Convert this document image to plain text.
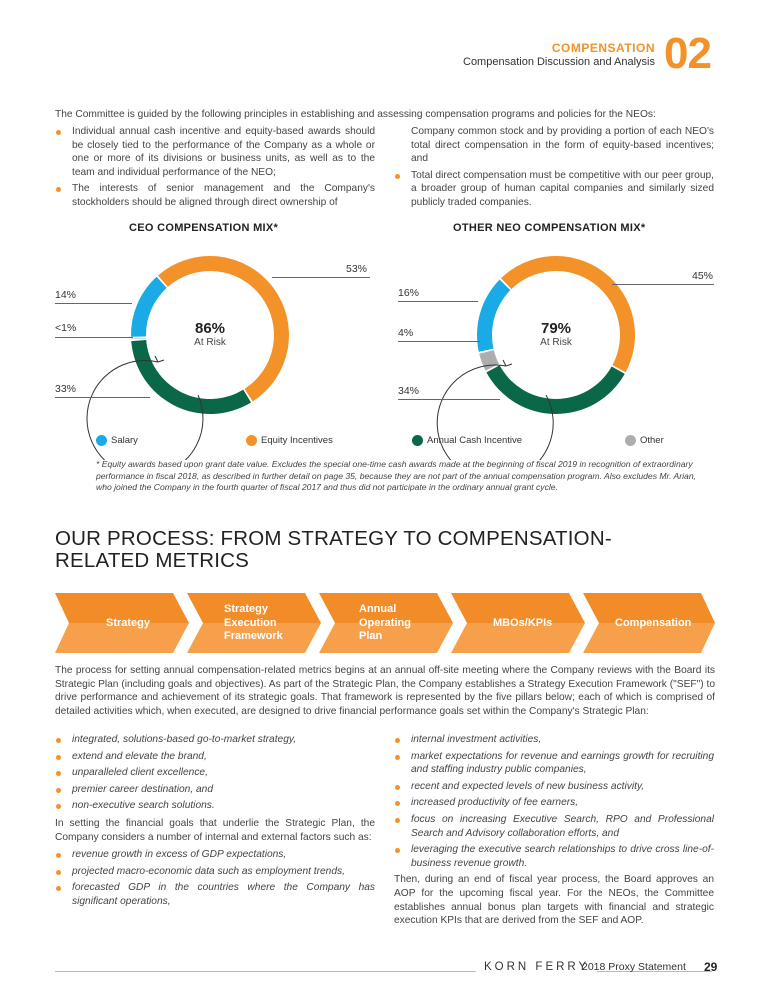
COMPENSATION
Compensation Discussion and Analysis 02
The Committee is guided by the following principles in establishing and assessing compensation programs and policies for the NEOs:
Individual annual cash incentive and equity-based awards should be closely tied to the performance of the Company as a whole or one or more of its divisions or business units, as well as to the team and individual performance of the NEO;
The interests of senior management and the Company's stockholders should be aligned through direct ownership of
Company common stock and by providing a portion of each NEO's total direct compensation in the form of equity-based incentives; and
Total direct compensation must be competitive with our peer group, a broader group of human capital companies and similarly sized publicly traded companies.
CEO COMPENSATION MIX*	OTHER NEO COMPENSATION MIX*
53%
14%
<1%
33%
86%
At Risk
45%
16%
4%
34%
79%
At Risk
Salary	Equity Incentives	Annual Cash Incentive	Other
* Equity awards based upon grant date value. Excludes the special one-time cash awards made at the beginning of fiscal 2019 in recognition of extraordinary performance in fiscal 2018, as described in further detail on page 35, because they are not part of the annual compensation program. Also excludes Mr. Arian, who joined the Company in the fourth quarter of fiscal 2017 and thus did not participate in the ordinary annual grant cycle.
OUR PROCESS: FROM STRATEGY TO COMPENSATION-RELATED METRICS
Strategy
Strategy Execution Framework
Annual Operating Plan
MBOs/KPIs	Compensation
The process for setting annual compensation-related metrics begins at an annual off-site meeting where the Company reviews with the Board its Strategic Plan (including goals and objectives). As part of the Strategic Plan, the Company establishes a Strategy Execution Framework ("SEF") to drive performance and achievement of its strategic goals. That framework is represented by the five pillars below; each of which is comprised of detailed activities which, when executed, are designed to drive financial performance goals set within the Company's Strategic Plan:
integrated, solutions-based go-to-market strategy,
extend and elevate the brand,
unparalleled client excellence,
premier career destination, and
non-executive search solutions.
In setting the financial goals that underlie the Strategic Plan, the Company considers a number of internal and external factors such as:
revenue growth in excess of GDP expectations,
projected macro-economic data such as employment trends,
forecasted GDP in the countries where the Company has significant operations,
internal investment activities,
market expectations for revenue and earnings growth for recruiting and staffing industry public companies,
recent and expected levels of new business activity,
increased productivity of fee earners,
focus on increasing Executive Search, RPO and Professional Search and Advisory collaboration efforts, and
leveraging the executive search relationships to drive cross line-of-business revenue growth.
Then, during an end of fiscal year process, the Board approves an AOP for the upcoming fiscal year. For the NEOs, the Committee establishes annual bonus plan targets with financial and strategic execution KPIs that are derived from the SEF and AOP.
KORN FERRY
2018 Proxy Statement 29
